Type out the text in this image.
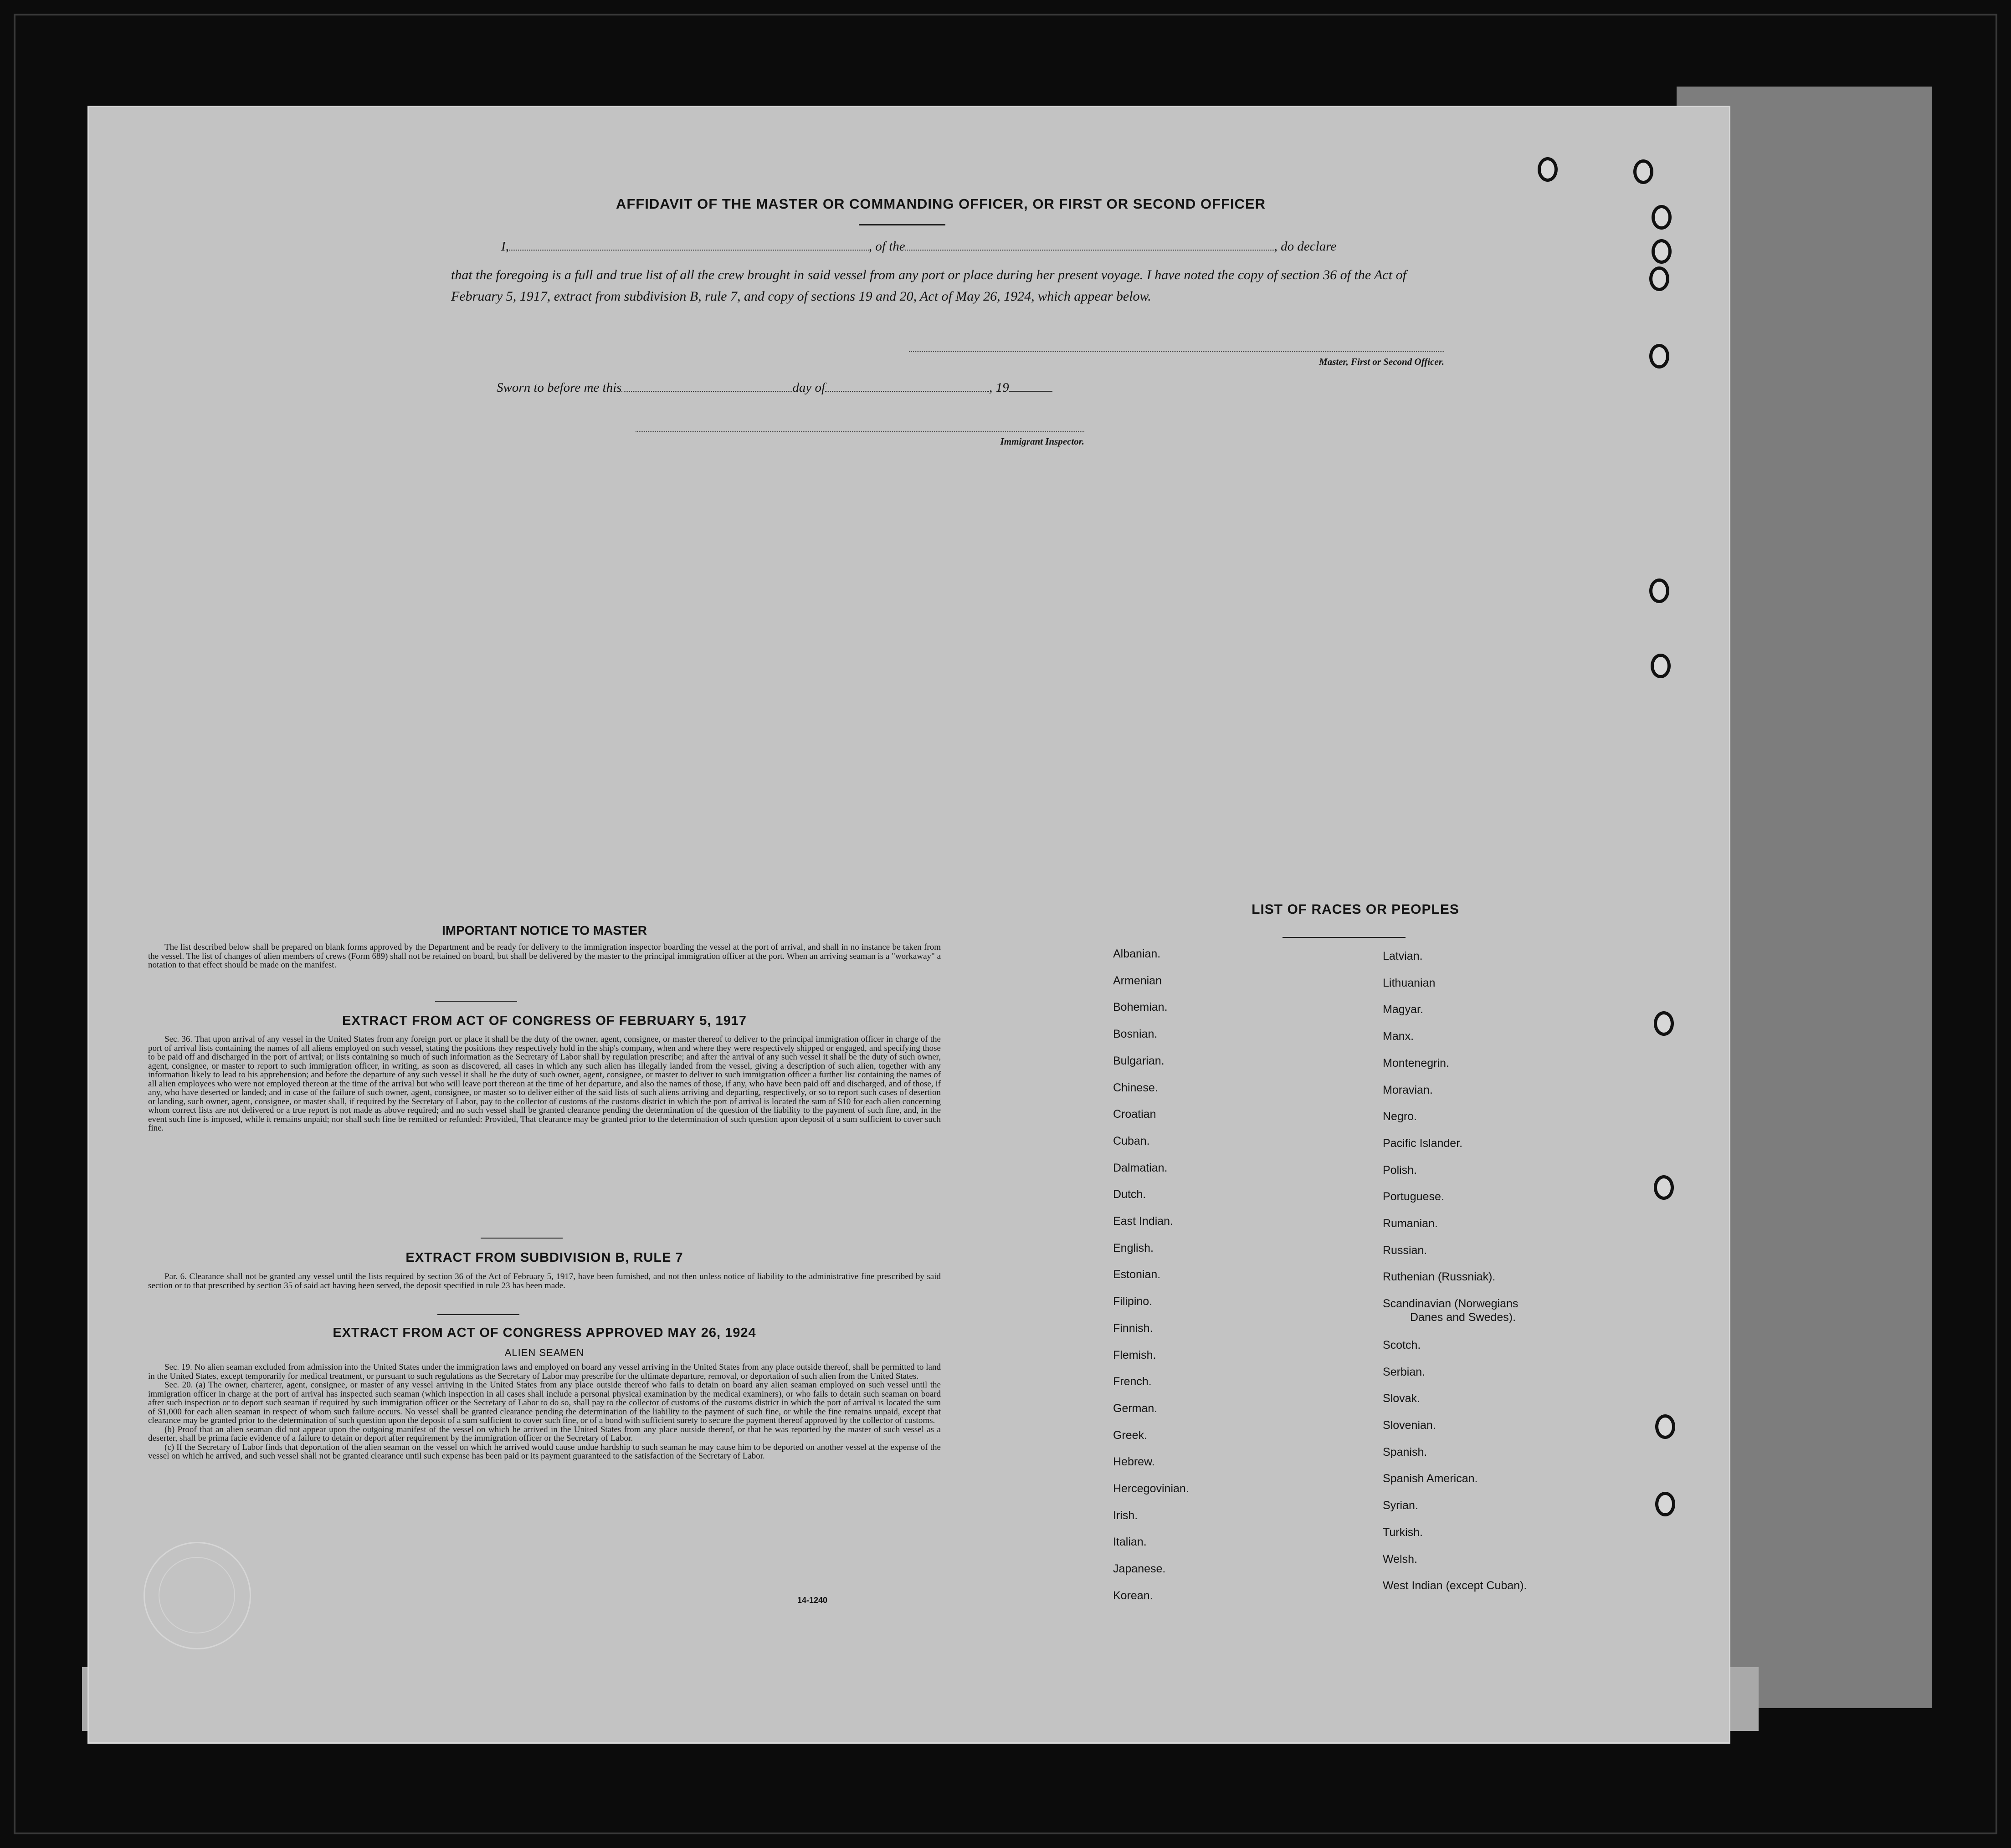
AFFIDAVIT OF THE MASTER OR COMMANDING OFFICER, OR FIRST OR SECOND OFFICER
I,	, of the	, do declare
that the foregoing is a full and true list of all the crew brought in said vessel from any port or place during her present voyage. I have noted the copy of section 36 of the Act of February 5, 1917, extract from subdivision B, rule 7, and copy of sections 19 and 20, Act of May 26, 1924, which appear below.
Master, First or Second Officer.
Sworn to before me this	day of	, 19
Immigrant Inspector.
IMPORTANT NOTICE TO MASTER

The list described below shall be prepared on blank forms approved by the Department and be ready for delivery to the immigration inspector boarding the vessel at the port of arrival, and shall in no instance be taken from the vessel. The list of changes of alien members of crews (Form 689) shall not be retained on board, but shall be delivered by the master to the principal immigration officer at the port. When an arriving seaman is a "workaway" a notation to that effect should be made on the manifest.

EXTRACT FROM ACT OF CONGRESS OF FEBRUARY 5, 1917

Sec. 36. That upon arrival of any vessel in the United States from any foreign port or place it shall be the duty of the owner, agent, consignee, or master thereof to deliver to the principal immigration officer in charge of the port of arrival lists containing the names of all aliens employed on such vessel, stating the positions they respectively hold in the ship's company, when and where they were respectively shipped or engaged, and specifying those to be paid off and discharged in the port of arrival; or lists containing so much of such information as the Secretary of Labor shall by regulation prescribe; and after the arrival of any such vessel it shall be the duty of such owner, agent, consignee, or master to report to such immigration officer, in writing, as soon as discovered, all cases in which any such alien has illegally landed from the vessel, giving a description of such alien, together with any information likely to lead to his apprehension; and before the departure of any such vessel it shall be the duty of such owner, agent, consignee, or master to deliver to such immigration officer a further list containing the names of all alien employees who were not employed thereon at the time of the arrival but who will leave port thereon at the time of her departure, and also the names of those, if any, who have been paid off and discharged, and of those, if any, who have deserted or landed; and in case of the failure of such owner, agent, consignee, or master so to deliver either of the said lists of such aliens arriving and departing, respectively, or so to report such cases of desertion or landing, such owner, agent, consignee, or master shall, if required by the Secretary of Labor, pay to the collector of customs of the customs district in which the port of arrival is located the sum of $10 for each alien concerning whom correct lists are not delivered or a true report is not made as above required; and no such vessel shall be granted clearance pending the determination of the question of the liability to the payment of such fine, and, in the event such fine is imposed, while it remains unpaid; nor shall such fine be remitted or refunded: Provided, That clearance may be granted prior to the determination of such question upon deposit of a sum sufficient to cover such fine.

EXTRACT FROM SUBDIVISION B, RULE 7

Par. 6. Clearance shall not be granted any vessel until the lists required by section 36 of the Act of February 5, 1917, have been furnished, and not then unless notice of liability to the administrative fine prescribed by said section or to that prescribed by section 35 of said act having been served, the deposit specified in rule 23 has been made.

EXTRACT FROM ACT OF CONGRESS APPROVED MAY 26, 1924
ALIEN SEAMEN

Sec. 19. No alien seaman excluded from admission into the United States under the immigration laws and employed on board any vessel arriving in the United States from any place outside thereof, shall be permitted to land in the United States, except temporarily for medical treatment, or pursuant to such regulations as the Secretary of Labor may prescribe for the ultimate departure, removal, or deportation of such alien from the United States.

Sec. 20. (a) The owner, charterer, agent, consignee, or master of any vessel arriving in the United States from any place outside thereof who fails to detain on board any alien seaman employed on such vessel until the immigration officer in charge at the port of arrival has inspected such seaman (which inspection in all cases shall include a personal physical examination by the medical examiners), or who fails to detain such seaman on board after such inspection or to deport such seaman if required by such immigration officer or the Secretary of Labor to do so, shall pay to the collector of customs of the customs district in which the port of arrival is located the sum of $1,000 for each alien seaman in respect of whom such failure occurs. No vessel shall be granted clearance pending the determination of the liability to the payment of such fine, or while the fine remains unpaid, except that clearance may be granted prior to the determination of such question upon the deposit of a sum sufficient to cover such fine, or of a bond with sufficient surety to secure the payment thereof approved by the collector of customs.

(b) Proof that an alien seaman did not appear upon the outgoing manifest of the vessel on which he arrived in the United States from any place outside thereof, or that he was reported by the master of such vessel as a deserter, shall be prima facie evidence of a failure to detain or deport after requirement by the immigration officer or the Secretary of Labor.

(c) If the Secretary of Labor finds that deportation of the alien seaman on the vessel on which he arrived would cause undue hardship to such seaman he may cause him to be deported on another vessel at the expense of the vessel on which he arrived, and such vessel shall not be granted clearance until such expense has been paid or its payment guaranteed to the satisfaction of the Secretary of Labor.

14-1240
LIST OF RACES OR PEOPLES
Albanian.
Armenian
Bohemian.
Bosnian.
Bulgarian.
Chinese.
Croatian
Cuban.
Dalmatian.
Dutch.
East Indian.
English.
Estonian.
Filipino.
Finnish.
Flemish.
French.
German.
Greek.
Hebrew.
Hercegovinian.
Irish.
Italian.
Japanese.
Korean.
Latvian.
Lithuanian
Magyar.
Manx.
Montenegrin.
Moravian.
Negro.
Pacific Islander.
Polish.
Portuguese.
Rumanian.
Russian.
Ruthenian (Russniak).
Scandinavian (Norwegians
Danes and Swedes).
Scotch.
Serbian.
Slovak.
Slovenian.
Spanish.
Spanish American.
Syrian.
Turkish.
Welsh.
West Indian (except Cuban).
